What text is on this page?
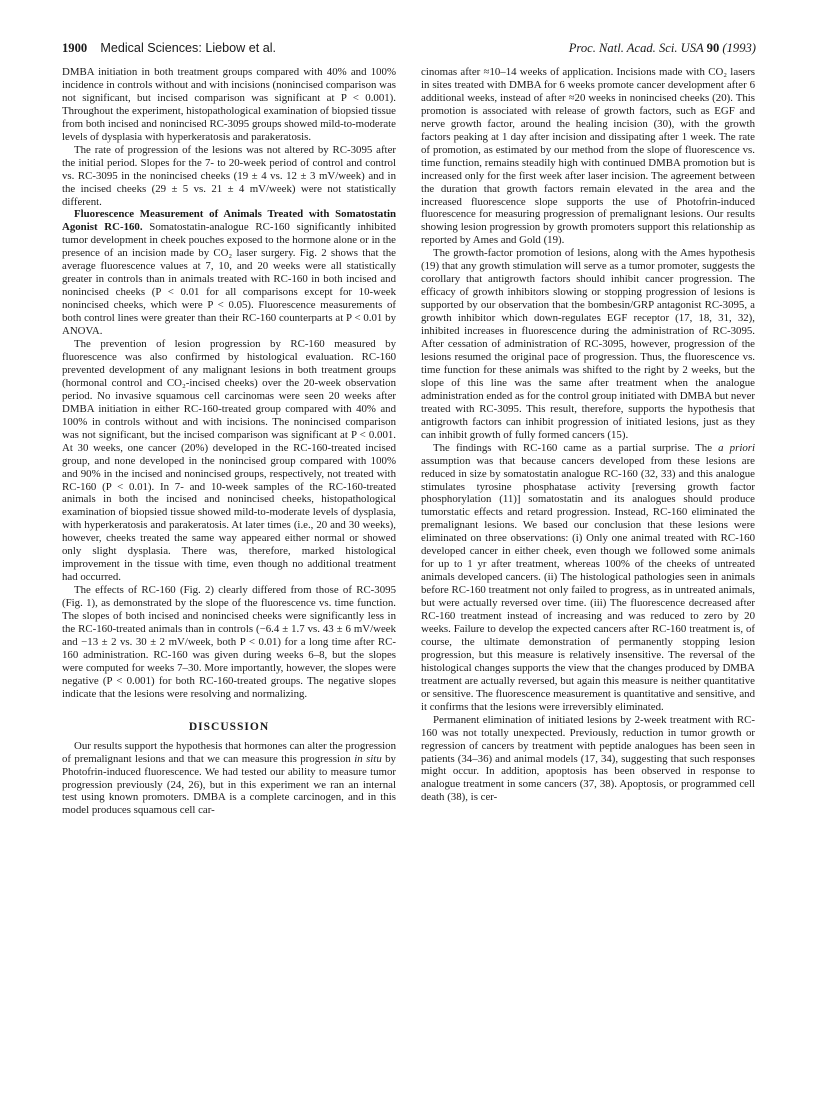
1900 Medical Sciences: Liebow et al.	Proc. Natl. Acad. Sci. USA 90 (1993)

DMBA initiation in both treatment groups compared with 40% and 100% incidence in controls without and with incisions (nonincised comparison was not significant, but incised comparison was significant at P < 0.001). Throughout the experiment, histopathological examination of biopsied tissue from both incised and nonincised RC-3095 groups showed mild-to-moderate levels of dysplasia with hyperkeratosis and parakeratosis.

The rate of progression of the lesions was not altered by RC-3095 after the initial period. Slopes for the 7- to 20-week period of control and control vs. RC-3095 in the nonincised cheeks (19 ± 4 vs. 12 ± 3 mV/week) and in the incised cheeks (29 ± 5 vs. 21 ± 4 mV/week) were not statistically different.

Fluorescence Measurement of Animals Treated with Somatostatin Agonist RC-160. Somatostatin-analogue RC-160 significantly inhibited tumor development in cheek pouches exposed to the hormone alone or in the presence of an incision made by CO₂ laser surgery. Fig. 2 shows that the average fluorescence values at 7, 10, and 20 weeks were all statistically greater in controls than in animals treated with RC-160 in both incised and nonincised cheeks (P < 0.01 for all comparisons except for 10-week nonincised cheeks, which were P < 0.05). Fluorescence measurements of both control lines were greater than their RC-160 counterparts at P < 0.01 by ANOVA.

The prevention of lesion progression by RC-160 measured by fluorescence was also confirmed by histological evaluation. RC-160 prevented development of any malignant lesions in both treatment groups (hormonal control and CO₂-incised cheeks) over the 20-week observation period. No invasive squamous cell carcinomas were seen 20 weeks after DMBA initiation in either RC-160-treated group compared with 40% and 100% in controls without and with incisions. The nonincised comparison was not significant, but the incised comparison was significant at P < 0.001. At 30 weeks, one cancer (20%) developed in the RC-160-treated incised group, and none developed in the nonincised group compared with 100% and 90% in the incised and nonincised groups, respectively, not treated with RC-160 (P < 0.01). In 7- and 10-week samples of the RC-160-treated animals in both the incised and nonincised cheeks, histopathological examination of biopsied tissue showed mild-to-moderate levels of dysplasia, with hyperkeratosis and parakeratosis. At later times (i.e., 20 and 30 weeks), however, cheeks treated the same way appeared either normal or showed only slight dysplasia. There was, therefore, marked histological improvement in the tissue with time, even though no additional treatment had occurred.

The effects of RC-160 (Fig. 2) clearly differed from those of RC-3095 (Fig. 1), as demonstrated by the slope of the fluorescence vs. time function. The slopes of both incised and nonincised cheeks were significantly less in the RC-160-treated animals than in controls (−6.4 ± 1.7 vs. 43 ± 6 mV/week and −13 ± 2 vs. 30 ± 2 mV/week, both P < 0.01) for a long time after RC-160 administration. RC-160 was given during weeks 6–8, but the slopes were computed for weeks 7–30. More importantly, however, the slopes were negative (P < 0.001) for both RC-160-treated groups. The negative slopes indicate that the lesions were resolving and normalizing.

DISCUSSION

Our results support the hypothesis that hormones can alter the progression of premalignant lesions and that we can measure this progression in situ by Photofrin-induced fluorescence. We had tested our ability to measure tumor progression previously (24, 26), but in this experiment we ran an internal test using known promoters. DMBA is a complete carcinogen, and in this model produces squamous cell car-

cinomas after ≈10–14 weeks of application. Incisions made with CO₂ lasers in sites treated with DMBA for 6 weeks promote cancer development after 6 additional weeks, instead of after ≈20 weeks in nonincised cheeks (20). This promotion is associated with release of growth factors, such as EGF and nerve growth factor, around the healing incision (30), with the growth factors peaking at 1 day after incision and dissipating after 1 week. The rate of promotion, as estimated by our method from the slope of fluorescence vs. time function, remains steadily high with continued DMBA promotion but is increased only for the first week after laser incision. The agreement between the duration that growth factors remain elevated in the area and the increased fluorescence slope supports the use of Photofrin-induced fluorescence for measuring progression of premalignant lesions. Our results showing lesion progression by growth promoters support this relationship as reported by Ames and Gold (19).

The growth-factor promotion of lesions, along with the Ames hypothesis (19) that any growth stimulation will serve as a tumor promoter, suggests the corollary that antigrowth factors should inhibit cancer progression. The efficacy of growth inhibitors slowing or stopping progression of lesions is supported by our observation that the bombesin/GRP antagonist RC-3095, a growth inhibitor which down-regulates EGF receptor (17, 18, 31, 32), inhibited increases in fluorescence during the administration of RC-3095. After cessation of administration of RC-3095, however, progression of the lesions resumed the original pace of progression. Thus, the fluorescence vs. time function for these animals was shifted to the right by 2 weeks, but the slope of this line was the same after treatment when the analogue administration ended as for the control group initiated with DMBA but never treated with RC-3095. This result, therefore, supports the hypothesis that antigrowth factors can inhibit progression of initiated lesions, just as they can inhibit growth of fully formed cancers (15).

The findings with RC-160 came as a partial surprise. The a priori assumption was that because cancers developed from these lesions are reduced in size by somatostatin analogue RC-160 (32, 33) and this analogue stimulates tyrosine phosphatase activity [reversing growth factor phosphorylation (11)] somatostatin and its analogues should produce tumorstatic effects and retard progression. Instead, RC-160 eliminated the premalignant lesions. We based our conclusion that these lesions were eliminated on three observations: (i) Only one animal treated with RC-160 developed cancer in either cheek, even though we followed some animals for up to 1 yr after treatment, whereas 100% of the cheeks of untreated animals developed cancers. (ii) The histological pathologies seen in animals before RC-160 treatment not only failed to progress, as in untreated animals, but were actually reversed over time. (iii) The fluorescence decreased after RC-160 treatment instead of increasing and was reduced to zero by 20 weeks. Failure to develop the expected cancers after RC-160 treatment is, of course, the ultimate demonstration of permanently stopping lesion progression, but this measure is relatively insensitive. The reversal of the histological changes supports the view that the changes produced by DMBA treatment are actually reversed, but again this measure is neither quantitative or sensitive. The fluorescence measurement is quantitative and sensitive, and it confirms that the lesions were irreversibly eliminated.

Permanent elimination of initiated lesions by 2-week treatment with RC-160 was not totally unexpected. Previously, reduction in tumor growth or regression of cancers by treatment with peptide analogues has been seen in patients (34–36) and animal models (17, 34), suggesting that such responses might occur. In addition, apoptosis has been observed in response to analogue treatment in some cancers (37, 38). Apoptosis, or programmed cell death (38), is cer-
